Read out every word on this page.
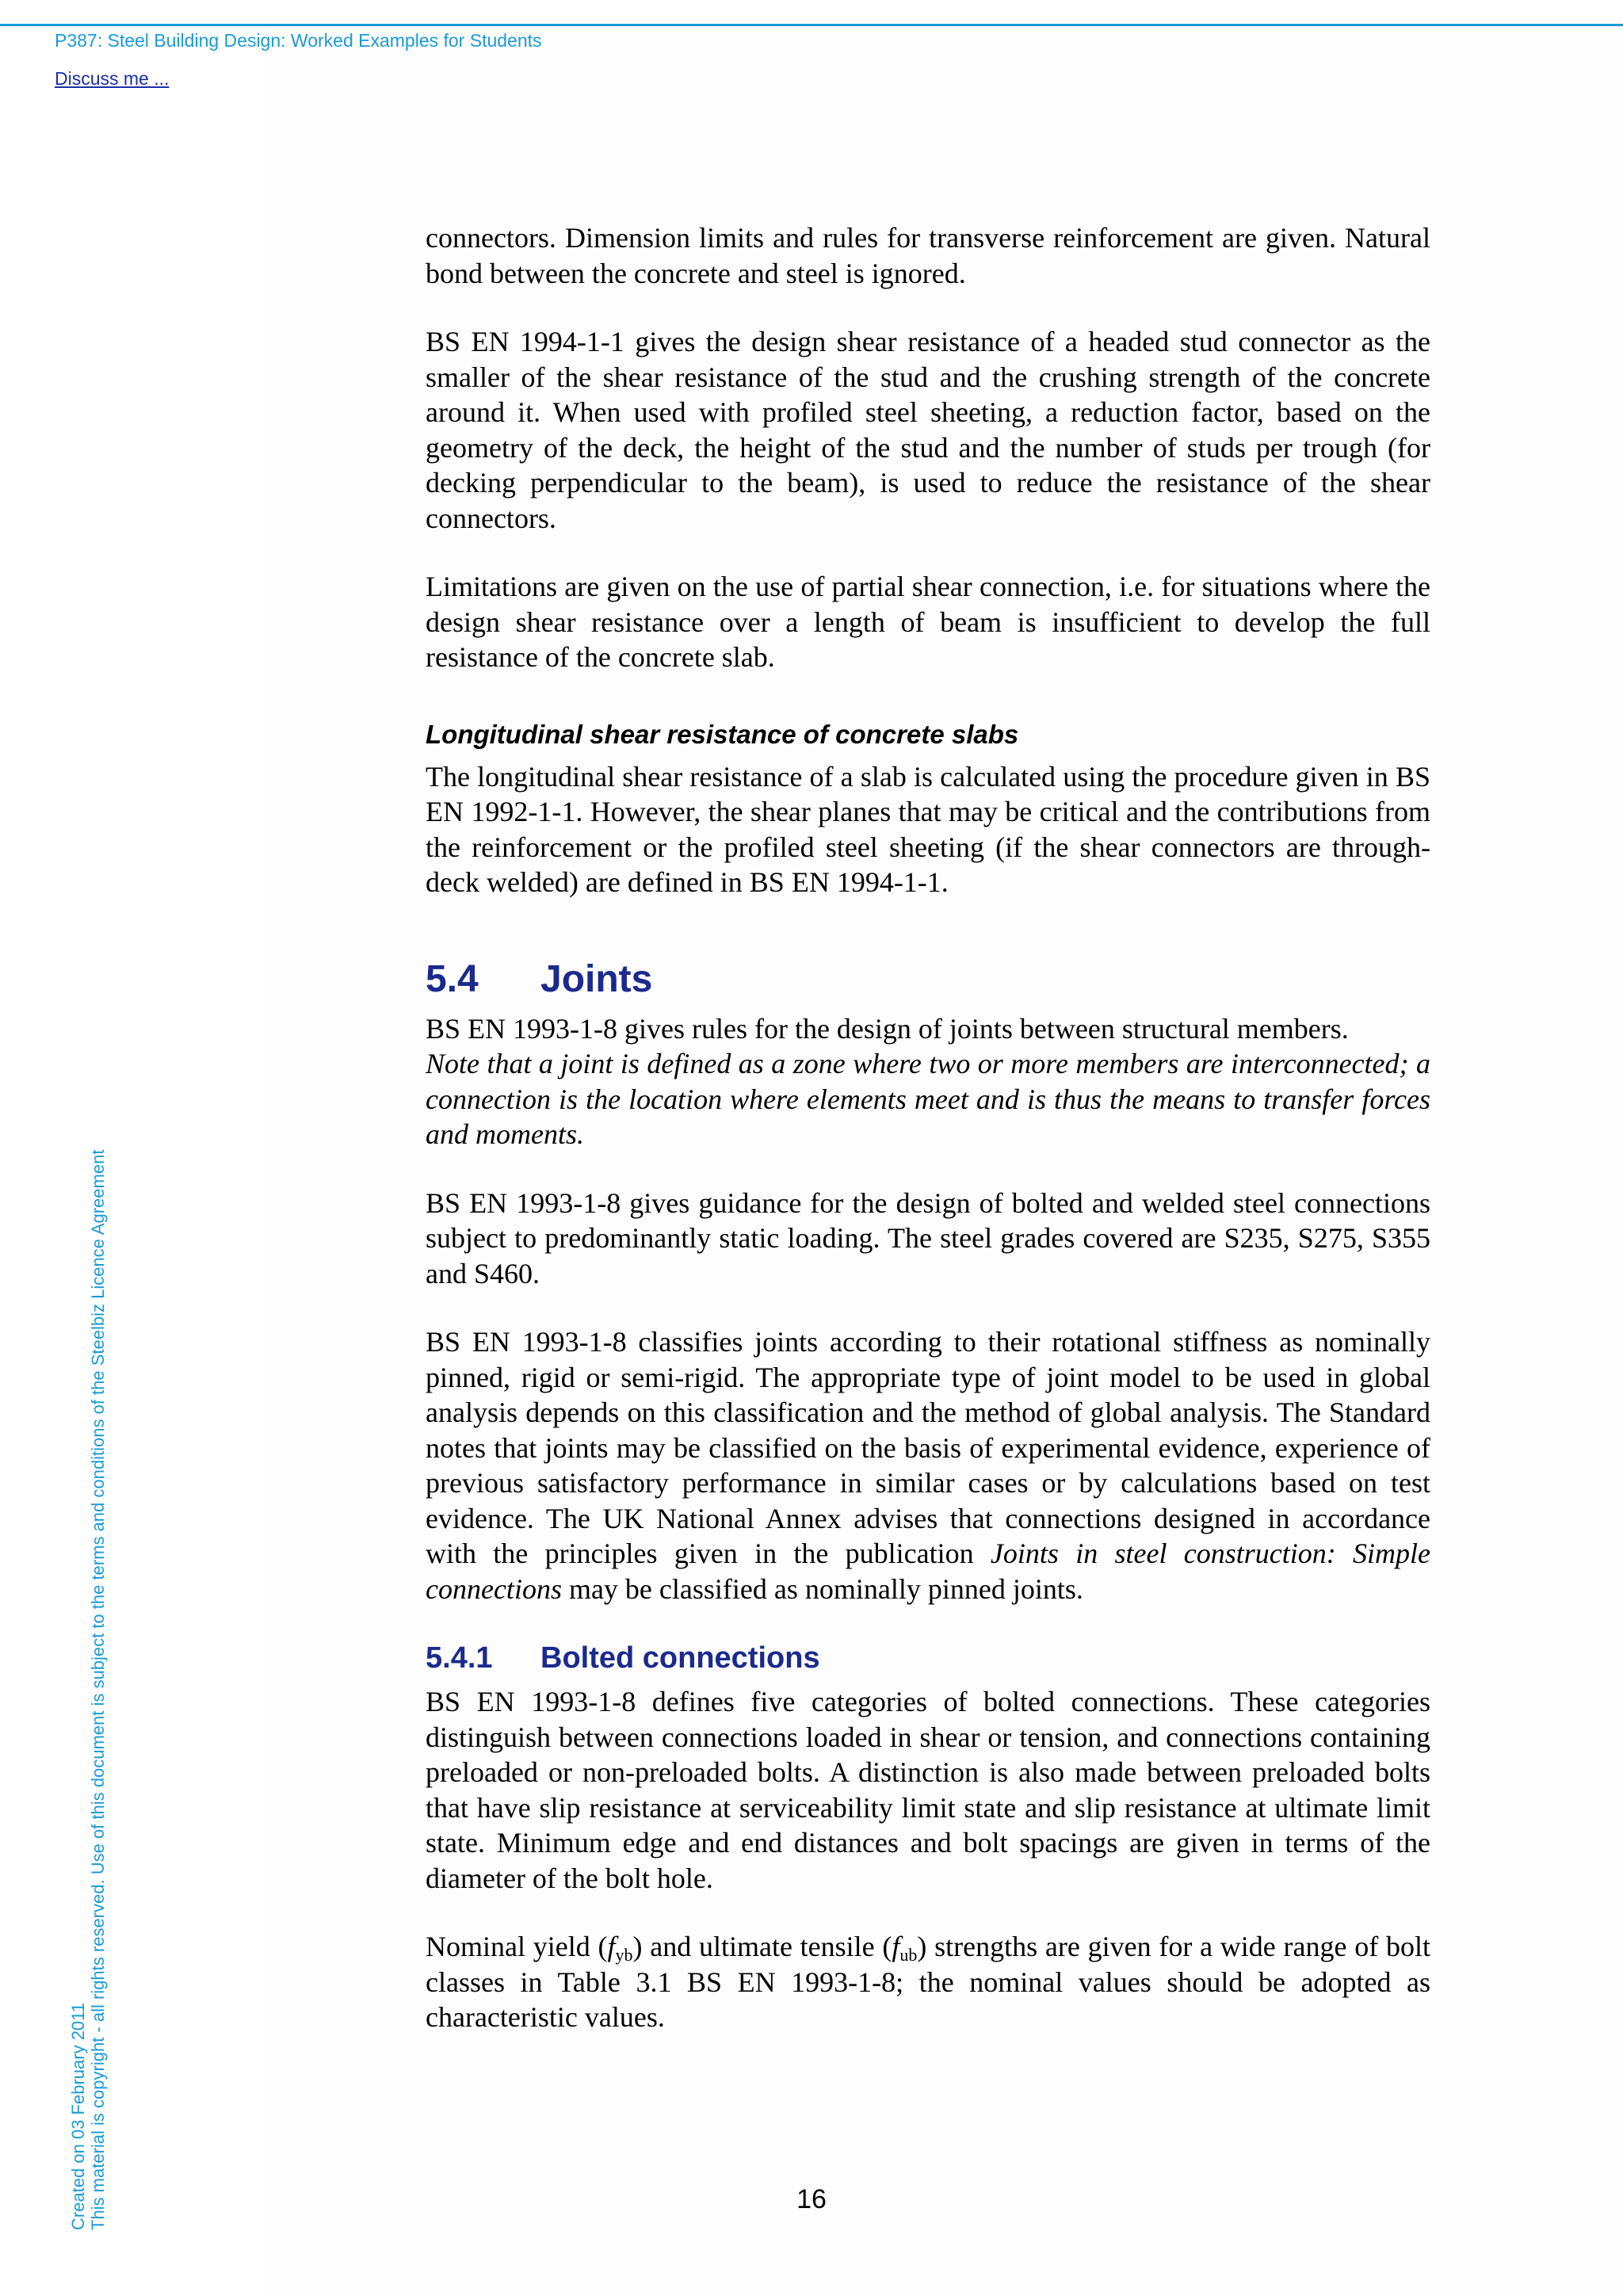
P387: Steel Building Design: Worked Examples for Students
Discuss me ...
Created on 03 February 2011 This material is copyright - all rights reserved. Use of this document is subject to the terms and conditions of the Steelbiz Licence Agreement

connectors. Dimension limits and rules for transverse reinforcement are given. Natural bond between the concrete and steel is ignored.

BS EN 1994-1-1 gives the design shear resistance of a headed stud connector as the smaller of the shear resistance of the stud and the crushing strength of the concrete around it. When used with profiled steel sheeting, a reduction factor, based on the geometry of the deck, the height of the stud and the number of studs per trough (for decking perpendicular to the beam), is used to reduce the resistance of the shear connectors.

Limitations are given on the use of partial shear connection, i.e. for situations where the design shear resistance over a length of beam is insufficient to develop the full resistance of the concrete slab.

Longitudinal shear resistance of concrete slabs

The longitudinal shear resistance of a slab is calculated using the procedure given in BS EN 1992-1-1. However, the shear planes that may be critical and the contributions from the reinforcement or the profiled steel sheeting (if the shear connectors are through-deck welded) are defined in BS EN 1994-1-1.

5.4	Joints

BS EN 1993-1-8 gives rules for the design of joints between structural members.

Note that a joint is defined as a zone where two or more members are interconnected; a connection is the location where elements meet and is thus the means to transfer forces and moments.

BS EN 1993-1-8 gives guidance for the design of bolted and welded steel connections subject to predominantly static loading. The steel grades covered are S235, S275, S355 and S460.

BS EN 1993-1-8 classifies joints according to their rotational stiffness as nominally pinned, rigid or semi-rigid. The appropriate type of joint model to be used in global analysis depends on this classification and the method of global analysis. The Standard notes that joints may be classified on the basis of experimental evidence, experience of previous satisfactory performance in similar cases or by calculations based on test evidence. The UK National Annex advises that connections designed in accordance with the principles given in the publication Joints in steel construction: Simple connections may be classified as nominally pinned joints.

5.4.1	Bolted connections

BS EN 1993-1-8 defines five categories of bolted connections. These categories distinguish between connections loaded in shear or tension, and connections containing preloaded or non-preloaded bolts. A distinction is also made between preloaded bolts that have slip resistance at serviceability limit state and slip resistance at ultimate limit state. Minimum edge and end distances and bolt spacings are given in terms of the diameter of the bolt hole.

Nominal yield $(f_{yb})$ and ultimate tensile $(f_{ub})$ strengths are given for a wide range of bolt classes in Table 3.1 BS EN 1993-1-8; the nominal values should be adopted as characteristic values.

16
